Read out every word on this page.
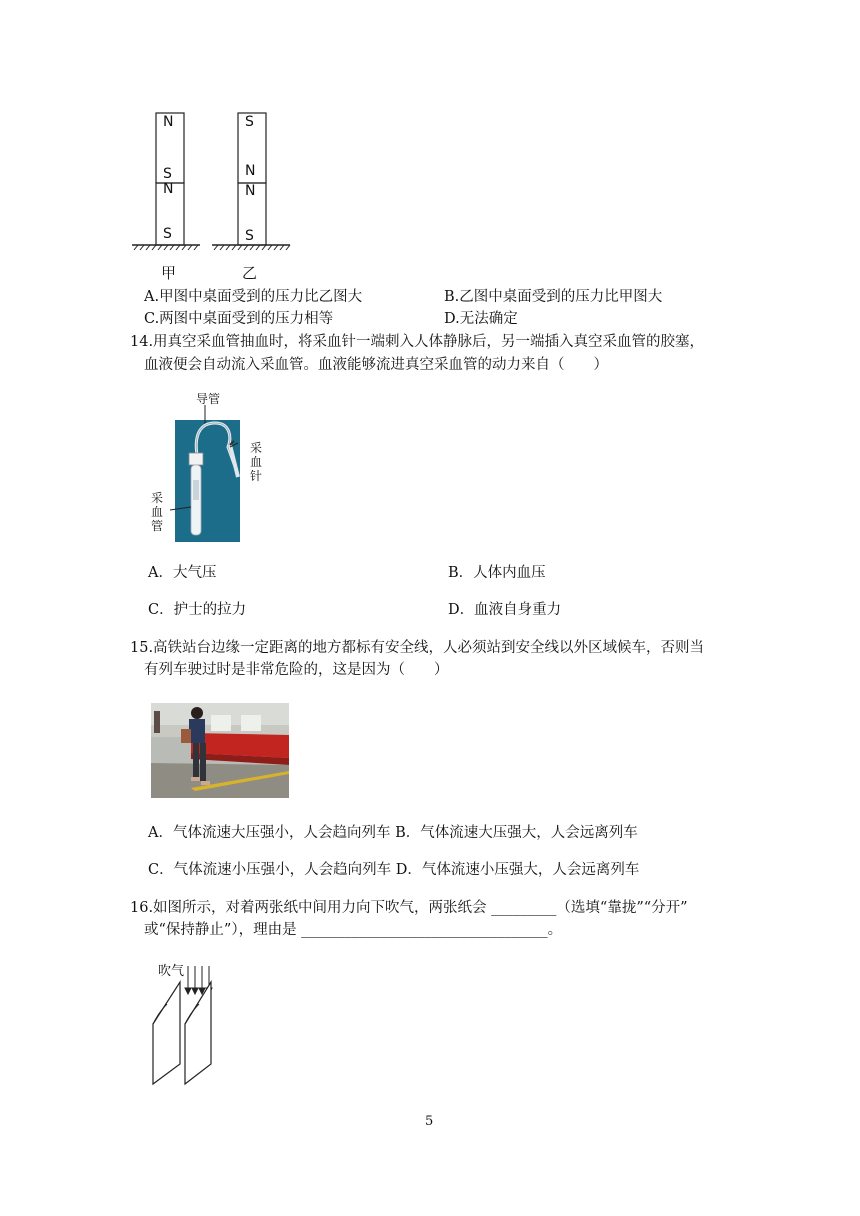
N
S
N
S
S
N
N
S
甲	乙
A.甲图中桌面受到的压力比乙图大	B.乙图中桌面受到的压力比甲图大
C.两图中桌面受到的压力相等	D.无法确定
14.用真空采血管抽血时，将采血针一端刺入人体静脉后，另一端插入真空采血管的胶塞，
血液便会自动流入采血管。血液能够流进真空采血管的动力来自（　　）
导管
采
血
针
采
血
管
A．大气压	B．人体内血压
C．护士的拉力	D．血液自身重力
15.高铁站台边缘一定距离的地方都标有安全线，人必须站到安全线以外区域候车，否则当
有列车驶过时是非常危险的，这是因为（　　）
A．气体流速大压强小，人会趋向列车 B．气体流速大压强大，人会远离列车
C．气体流速小压强小，人会趋向列车 D．气体流速小压强大，人会远离列车
16.如图所示，对着两张纸中间用力向下吹气，两张纸会 _________（选填“靠拢”“分开”
或“保持静止”），理由是 __________________________________。
吹气
5
